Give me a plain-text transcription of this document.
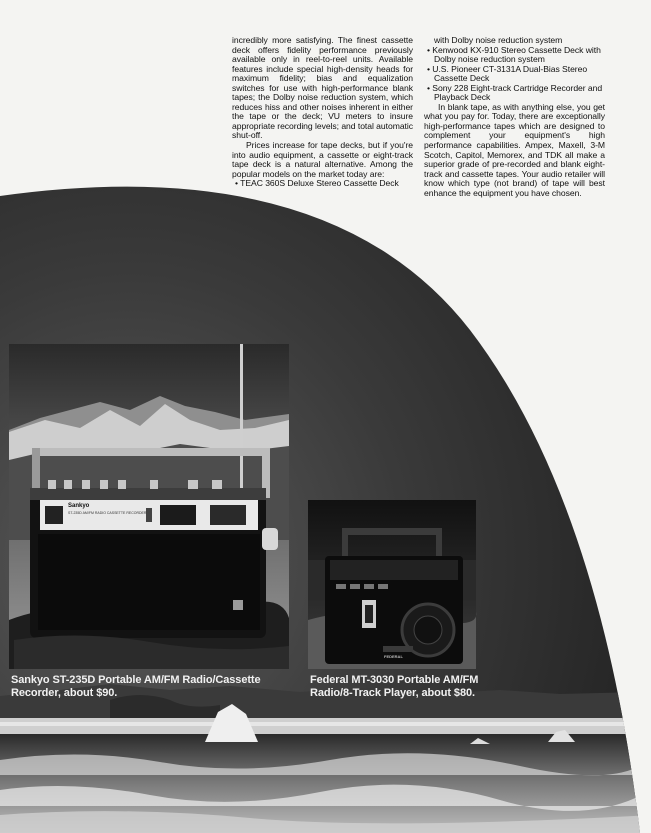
incredibly more satisfying. The finest cassette deck offers fidelity performance previously available only in reel-to-reel units. Available features include special high-density heads for maximum fidelity; bias and equalization switches for use with high-performance blank tapes; the Dolby noise reduction system, which reduces hiss and other noises inherent in either the tape or the deck; VU meters to insure appropriate recording levels; and total automatic shut-off.

Prices increase for tape decks, but if you're into audio equipment, a cassette or eight-track tape deck is a natural alternative. Among the popular models on the market today are:

• TEAC 360S Deluxe Stereo Cassette Deck

with Dolby noise reduction system

• Kenwood KX-910 Stereo Cassette Deck with Dolby noise reduction system

• U.S. Pioneer CT-3131A Dual-Bias Stereo Cassette Deck

• Sony 228 Eight-track Cartridge Recorder and Playback Deck

In blank tape, as with anything else, you get what you pay for. Today, there are exceptionally high-performance tapes which are designed to complement your equipment's high performance capabilities. Ampex, Maxell, 3-M Scotch, Capitol, Memorex, and TDK all make a superior grade of pre-recorded and blank eight-track and cassette tapes. Your audio retailer will know which type (not brand) of tape will best enhance the equipment you have chosen.

Sankyo
ST-235D AM/FM RADIO CASSETTE RECORDER
FEDERAL
Sankyo ST-235D Portable AM/FM Radio/Cassette Recorder, about $90.
Federal MT-3030 Portable AM/FM Radio/8-Track Player, about $80.
